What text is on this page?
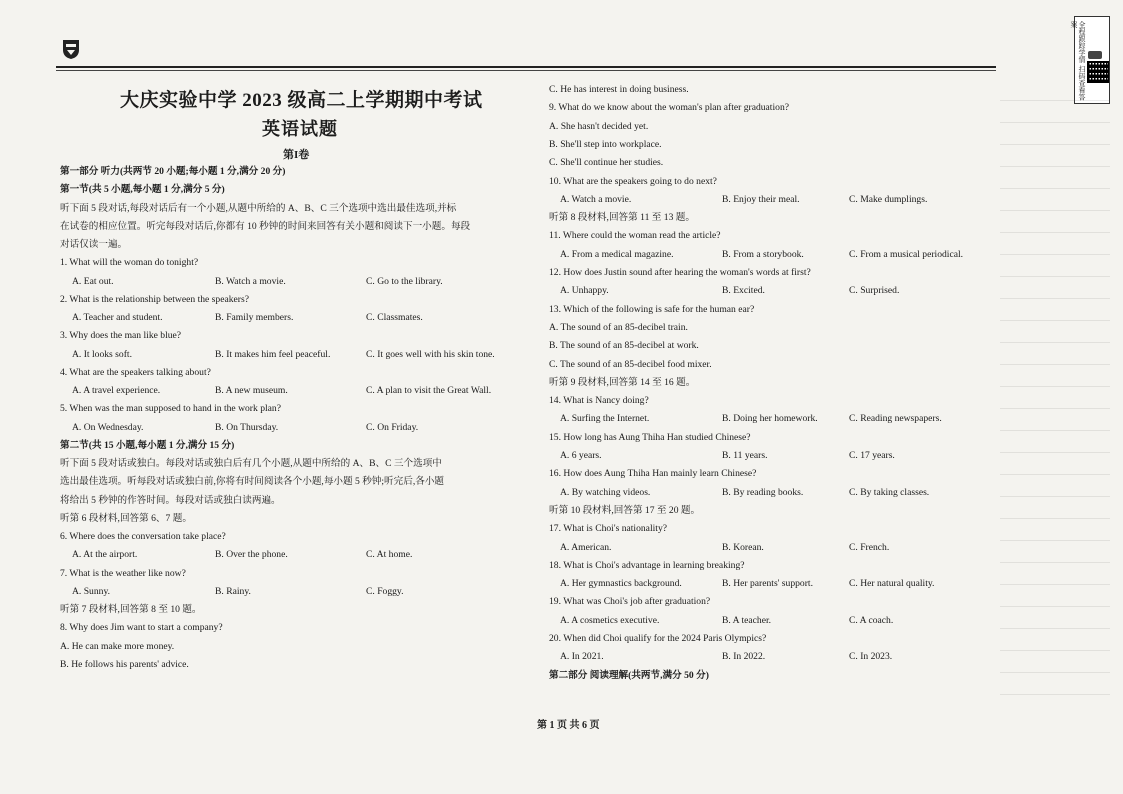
全程跟踪学情 扫码查看答案
大庆实验中学 2023 级高二上学期期中考试
英语试题
第I卷
第一部分 听力(共两节 20 小题;每小题 1 分,满分 20 分)
第一节(共 5 小题,每小题 1 分,满分 5 分)
听下面 5 段对话,每段对话后有一个小题,从题中所给的 A、B、C 三个选项中选出最佳选项,并标
在试卷的相应位置。听完每段对话后,你都有 10 秒钟的时间来回答有关小题和阅读下一小题。每段
对话仅读一遍。
1. What will the woman do tonight?
A. Eat out.	B. Watch a movie.	C. Go to the library.
2. What is the relationship between the speakers?
A. Teacher and student.	B. Family members.	C. Classmates.
3. Why does the man like blue?
A. It looks soft.	B. It makes him feel peaceful.	C. It goes well with his skin tone.
4. What are the speakers talking about?
A. A travel experience.	B. A new museum.	C. A plan to visit the Great Wall.
5. When was the man supposed to hand in the work plan?
A. On Wednesday.	B. On Thursday.	C. On Friday.
第二节(共 15 小题,每小题 1 分,满分 15 分)
听下面 5 段对话或独白。每段对话或独白后有几个小题,从题中所给的 A、B、C 三个选项中
选出最佳选项。听每段对话或独白前,你将有时间阅读各个小题,每小题 5 秒钟;听完后,各小题
将给出 5 秒钟的作答时间。每段对话或独白读两遍。
听第 6 段材料,回答第 6、7 题。
6. Where does the conversation take place?
A. At the airport.	B. Over the phone.	C. At home.
7. What is the weather like now?
A. Sunny.	B. Rainy.	C. Foggy.
听第 7 段材料,回答第 8 至 10 题。
8. Why does Jim want to start a company?
A. He can make more money.
B. He follows his parents' advice.
C. He has interest in doing business.
9. What do we know about the woman's plan after graduation?
A. She hasn't decided yet.
B. She'll step into workplace.
C. She'll continue her studies.
10. What are the speakers going to do next?
A. Watch a movie.	B. Enjoy their meal.	C. Make dumplings.
听第 8 段材料,回答第 11 至 13 题。
11. Where could the woman read the article?
A. From a medical magazine.	B. From a storybook.	C. From a musical periodical.
12. How does Justin sound after hearing the woman's words at first?
A. Unhappy.	B. Excited.	C. Surprised.
13. Which of the following is safe for the human ear?
A. The sound of an 85-decibel train.
B. The sound of an 85-decibel at work.
C. The sound of an 85-decibel food mixer.
听第 9 段材料,回答第 14 至 16 题。
14. What is Nancy doing?
A. Surfing the Internet.	B. Doing her homework.	C. Reading newspapers.
15. How long has Aung Thiha Han studied Chinese?
A. 6 years.	B. 11 years.	C. 17 years.
16. How does Aung Thiha Han mainly learn Chinese?
A. By watching videos.	B. By reading books.	C. By taking classes.
听第 10 段材料,回答第 17 至 20 题。
17. What is Choi's nationality?
A. American.	B. Korean.	C. French.
18. What is Choi's advantage in learning breaking?
A. Her gymnastics background.	B. Her parents' support.	C. Her natural quality.
19. What was Choi's job after graduation?
A. A cosmetics executive.	B. A teacher.	C. A coach.
20. When did Choi qualify for the 2024 Paris Olympics?
A. In 2021.	B. In 2022.	C. In 2023.
第二部分 阅读理解(共两节,满分 50 分)
第 1 页 共 6 页
